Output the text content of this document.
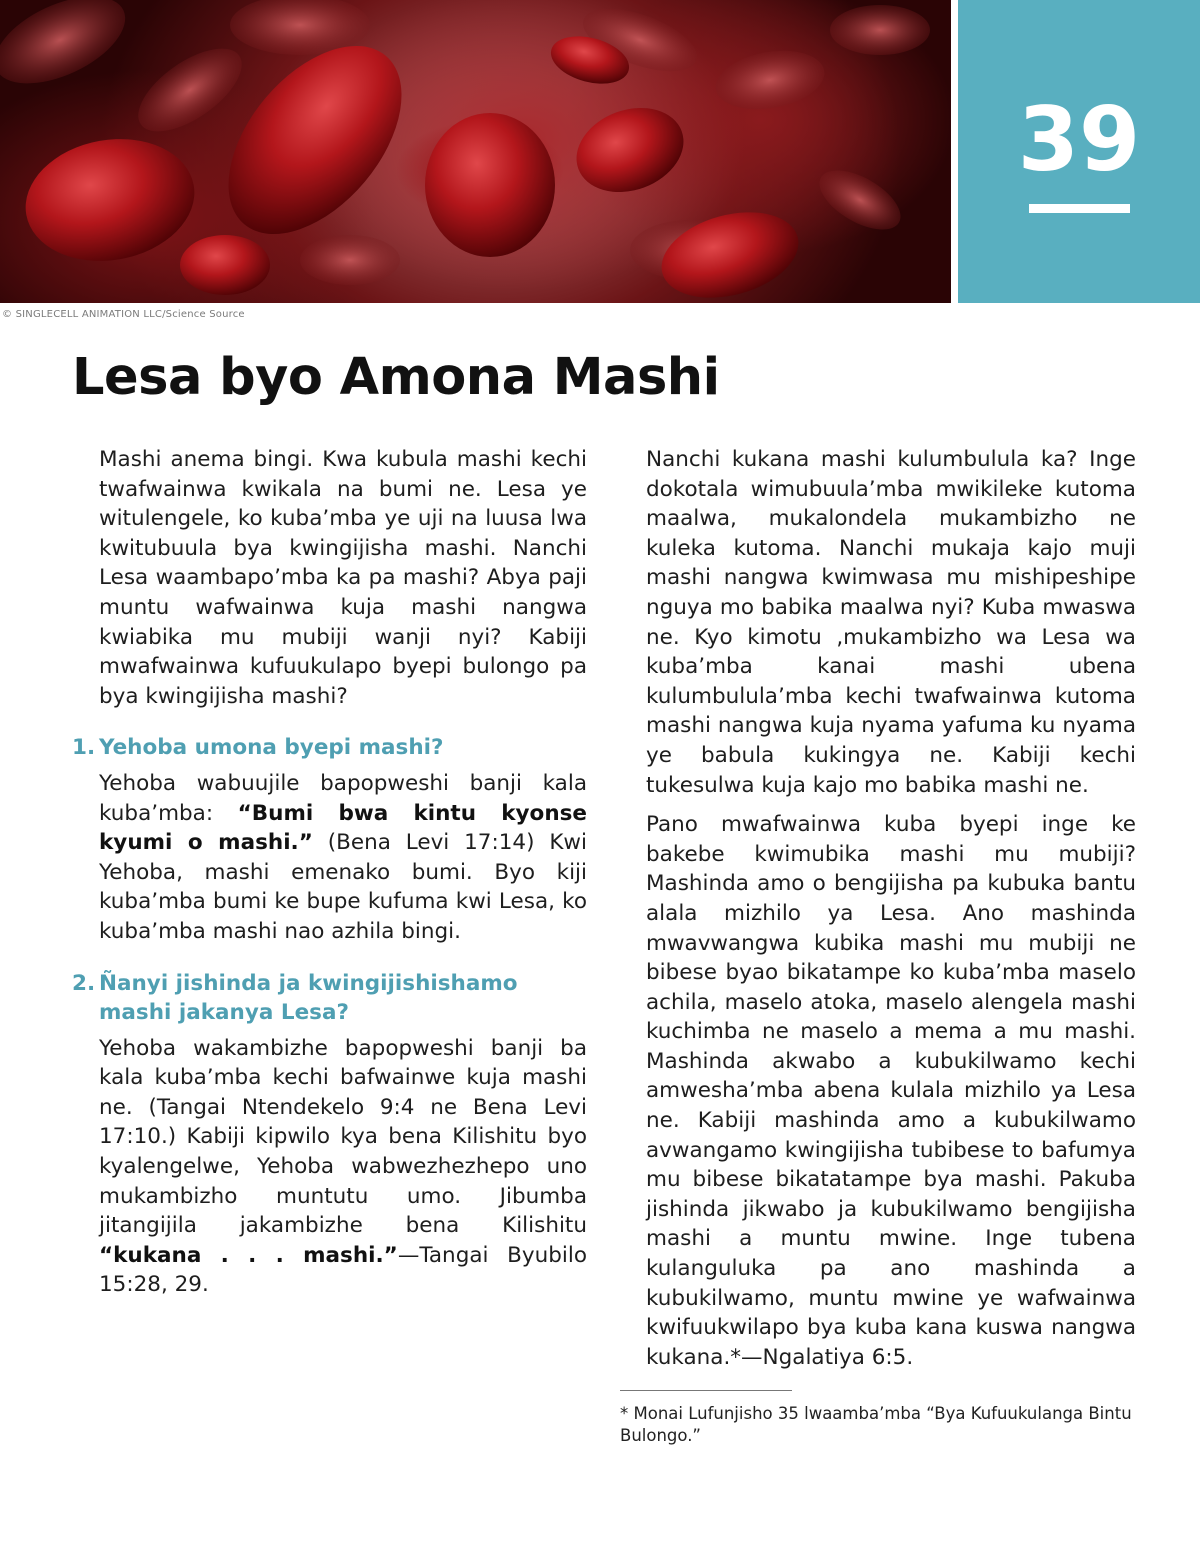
© SINGLECELL ANIMATION LLC/Science Source
39
Lesa byo Amona Mashi

Mashi anema bingi. Kwa kubula mashi kechi twafwainwa kwikala na bumi ne. Lesa ye witulengele, ko kuba’mba ye uji na luusa lwa kwitubuula bya kwingijisha mashi. Nanchi Lesa waambapo’mba ka pa mashi? Abya paji muntu wafwainwa kuja mashi nangwa kwiabika mu mubiji wanji nyi? Kabiji mwafwainwa kufuukulapo byepi bulongo pa bya kwingijisha mashi?

1. Yehoba umona byepi mashi?

Yehoba wabuujile bapopweshi banji kala kuba’mba: “Bumi bwa kintu kyonse kyumi o mashi.” (Bena Levi 17:14) Kwi Yehoba, mashi emenako bumi. Byo kiji kuba’mba bumi ke bupe kufuma kwi Lesa, ko kuba’mba mashi nao azhila bingi.

2. Ñanyi jishinda ja kwingijishishamo mashi jakanya Lesa?

Yehoba wakambizhe bapopweshi banji ba kala kuba’mba kechi bafwainwe kuja mashi ne. (Tangai Ntendekelo 9:4 ne Bena Levi 17:10.) Kabiji kipwilo kya bena Kilishitu byo kyalengelwe, Yehoba wabwezhezhepo uno mukambizho muntutu umo. Jibumba jitangijila jakambizhe bena Kilishitu “kukana . . . mashi.”—Tangai Byubilo 15:28, 29.

Nanchi kukana mashi kulumbulula ka? Inge dokotala wimubuula’mba mwikileke kutoma maalwa, mukalondela mukambizho ne kuleka kutoma. Nanchi mukaja kajo muji mashi nangwa kwimwasa mu mishipeshipe nguya mo babika maalwa nyi? Kuba mwaswa ne. Kyo kimotu ,mukambizho wa Lesa wa kuba’mba kanai mashi ubena kulumbulula’mba kechi twafwainwa kutoma mashi nangwa kuja nyama yafuma ku nyama ye babula kukingya ne. Kabiji kechi tukesulwa kuja kajo mo babika mashi ne.

Pano mwafwainwa kuba byepi inge ke bakebe kwimubika mashi mu mubiji? Mashinda amo o bengijisha pa kubuka bantu alala mizhilo ya Lesa. Ano mashinda mwavwangwa kubika mashi mu mubiji ne bibese byao bikatampe ko kuba’mba maselo achila, maselo atoka, maselo alengela mashi kuchimba ne maselo a mema a mu mashi. Mashinda akwabo a kubukilwamo kechi amwesha’mba abena kulala mizhilo ya Lesa ne. Kabiji mashinda amo a kubukilwamo avwangamo kwingijisha tubibese to bafumya mu bibese bikatatampe bya mashi. Pakuba jishinda jikwabo ja kubukilwamo bengijisha mashi a muntu mwine. Inge tubena kulanguluka pa ano mashinda a kubukilwamo, muntu mwine ye wafwainwa kwifuukwilapo bya kuba kana kuswa nangwa kukana.*—Ngalatiya 6:5.

* Monai Lufunjisho 35 lwaamba’mba “Bya Kufuukulanga Bintu Bulongo.”
